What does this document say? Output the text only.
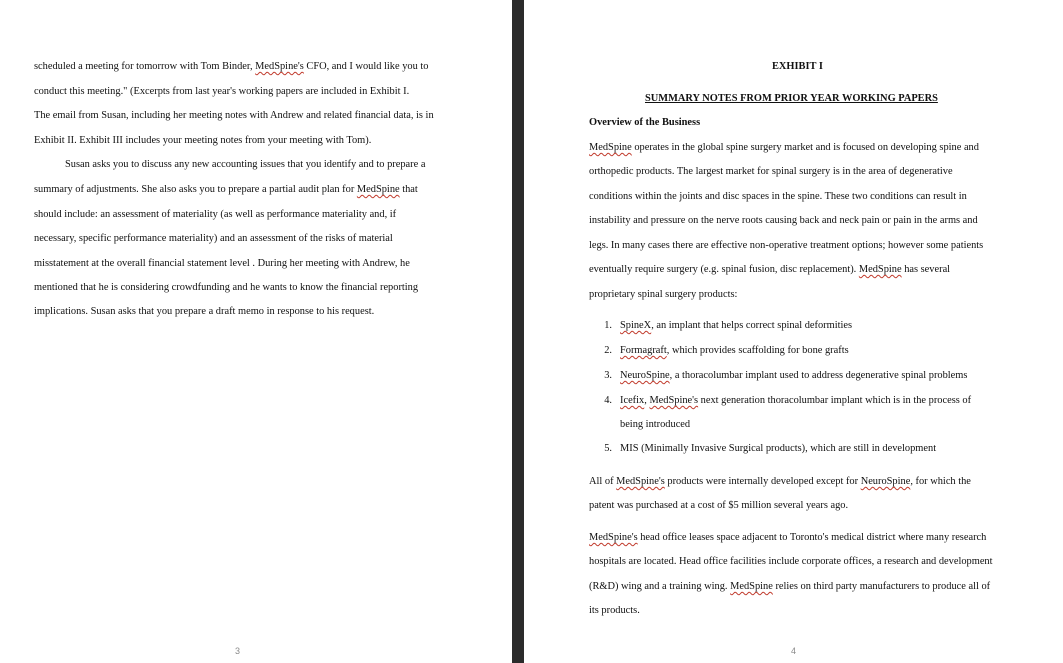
scheduled a meeting for tomorrow with Tom Binder, MedSpine's CFO, and I would like you to
conduct this meeting." (Excerpts from last year's working papers are included in Exhibit I.
The email from Susan, including her meeting notes with Andrew and related financial data, is in
Exhibit II. Exhibit III includes your meeting notes from your meeting with Tom).
Susan asks you to discuss any new accounting issues that you identify and to prepare a
summary of adjustments. She also asks you to prepare a partial audit plan for MedSpine that
should include: an assessment of materiality (as well as performance materiality and, if
necessary, specific performance materiality) and an assessment of the risks of material
misstatement at the overall financial statement level . During her meeting with Andrew, he
mentioned that he is considering crowdfunding and he wants to know the financial reporting
implications. Susan asks that you prepare a draft memo in response to his request.
3
EXHIBIT I
SUMMARY NOTES FROM PRIOR YEAR WORKING PAPERS
Overview of the Business
MedSpine operates in the global spine surgery market and is focused on developing spine and
orthopedic products. The largest market for spinal surgery is in the area of degenerative
conditions within the joints and disc spaces in the spine. These two conditions can result in
instability and pressure on the nerve roots causing back and neck pain or pain in the arms and
legs. In many cases there are effective non-operative treatment options; however some patients
eventually require surgery (e.g. spinal fusion, disc replacement). MedSpine has several
proprietary spinal surgery products:
1. SpineX, an implant that helps correct spinal deformities
2. Formagraft, which provides scaffolding for bone grafts
3. NeuroSpine, a thoracolumbar implant used to address degenerative spinal problems
4. Icefix, MedSpine's next generation thoracolumbar implant which is in the process of
being introduced
5. MIS (Minimally Invasive Surgical products), which are still in development
All of MedSpine's products were internally developed except for NeuroSpine, for which the
patent was purchased at a cost of $5 million several years ago.
MedSpine's head office leases space adjacent to Toronto's medical district where many research
hospitals are located. Head office facilities include corporate offices, a research and development
(R&D) wing and a training wing. MedSpine relies on third party manufacturers to produce all of
its products.
4
